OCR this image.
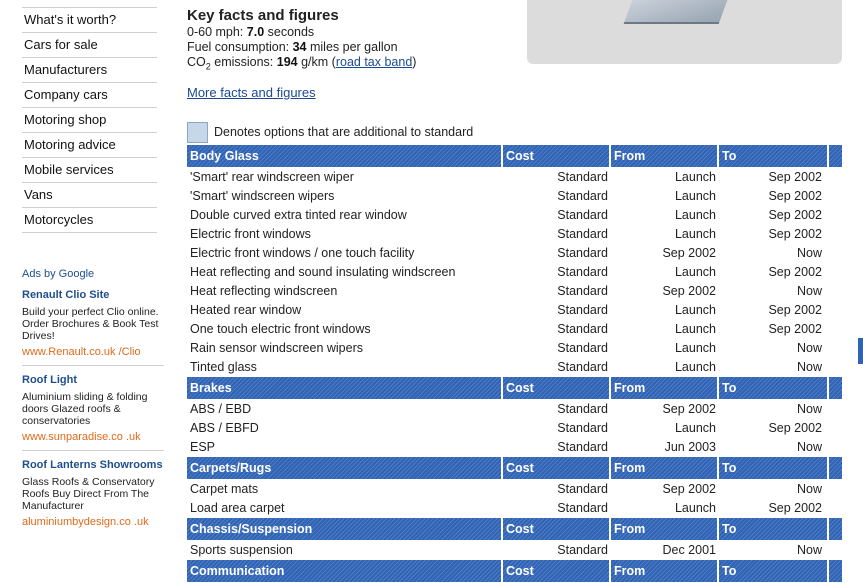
What's it worth?
Cars for sale
Manufacturers
Company cars
Motoring shop
Motoring advice
Mobile services
Vans
Motorcycles
Ads by Google
Renault Clio Site
Build your perfect Clio online. Order Brochures & Book Test Drives!
www.Renault.co.uk /Clio
Roof Light
Aluminium sliding & folding doors Glazed roofs & conservatories
www.sunparadise.co .uk
Roof Lanterns Showrooms
Glass Roofs & Conservatory Roofs Buy Direct From The Manufacturer
aluminiumbydesign.co .uk
Key facts and figures
0-60 mph: 7.0 seconds
Fuel consumption: 34 miles per gallon
$CO_2$ emissions: 194 g/km (road tax band)
More facts and figures
Denotes options that are additional to standard
Body Glass	Cost	From	To
'Smart' rear windscreen wiper	Standard	Launch	Sep 2002
'Smart' windscreen wipers	Standard	Launch	Sep 2002
Double curved extra tinted rear window	Standard	Launch	Sep 2002
Electric front windows	Standard	Launch	Sep 2002
Electric front windows / one touch facility	Standard	Sep 2002	Now
Heat reflecting and sound insulating windscreen	Standard	Launch	Sep 2002
Heat reflecting windscreen	Standard	Sep 2002	Now
Heated rear window	Standard	Launch	Sep 2002
One touch electric front windows	Standard	Launch	Sep 2002
Rain sensor windscreen wipers	Standard	Launch	Now
Tinted glass	Standard	Launch	Now
Brakes	Cost	From	To
ABS / EBD	Standard	Sep 2002	Now
ABS / EBFD	Standard	Launch	Sep 2002
ESP	Standard	Jun 2003	Now
Carpets/Rugs	Cost	From	To
Carpet mats	Standard	Sep 2002	Now
Load area carpet	Standard	Launch	Sep 2002
Chassis/Suspension	Cost	From	To
Sports suspension	Standard	Dec 2001	Now
Communication	Cost	From	To
